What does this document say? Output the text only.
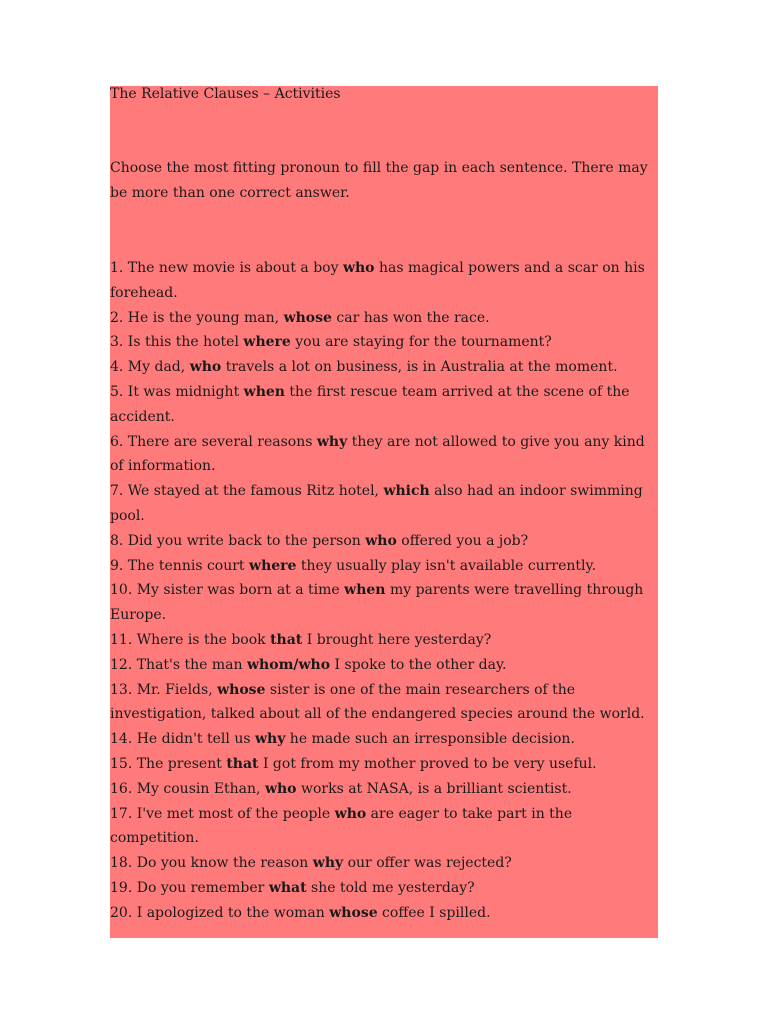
The Relative Clauses – Activities

Choose the most fitting pronoun to fill the gap in each sentence. There may be more than one correct answer.

1. The new movie is about a boy who has magical powers and a scar on his forehead.
2. He is the young man, whose car has won the race.
3. Is this the hotel where you are staying for the tournament?
4. My dad, who travels a lot on business, is in Australia at the moment.
5. It was midnight when the first rescue team arrived at the scene of the accident.
6. There are several reasons why they are not allowed to give you any kind of information.
7. We stayed at the famous Ritz hotel, which also had an indoor swimming pool.
8. Did you write back to the person who offered you a job?
9. The tennis court where they usually play isn't available currently.
10. My sister was born at a time when my parents were travelling through Europe.
11. Where is the book that I brought here yesterday?
12. That's the man whom/who I spoke to the other day.
13. Mr. Fields, whose sister is one of the main researchers of the investigation, talked about all of the endangered species around the world.
14. He didn't tell us why he made such an irresponsible decision.
15. The present that I got from my mother proved to be very useful.
16. My cousin Ethan, who works at NASA, is a brilliant scientist.
17. I've met most of the people who are eager to take part in the competition.
18. Do you know the reason why our offer was rejected?
19. Do you remember what she told me yesterday?
20. I apologized to the woman whose coffee I spilled.
